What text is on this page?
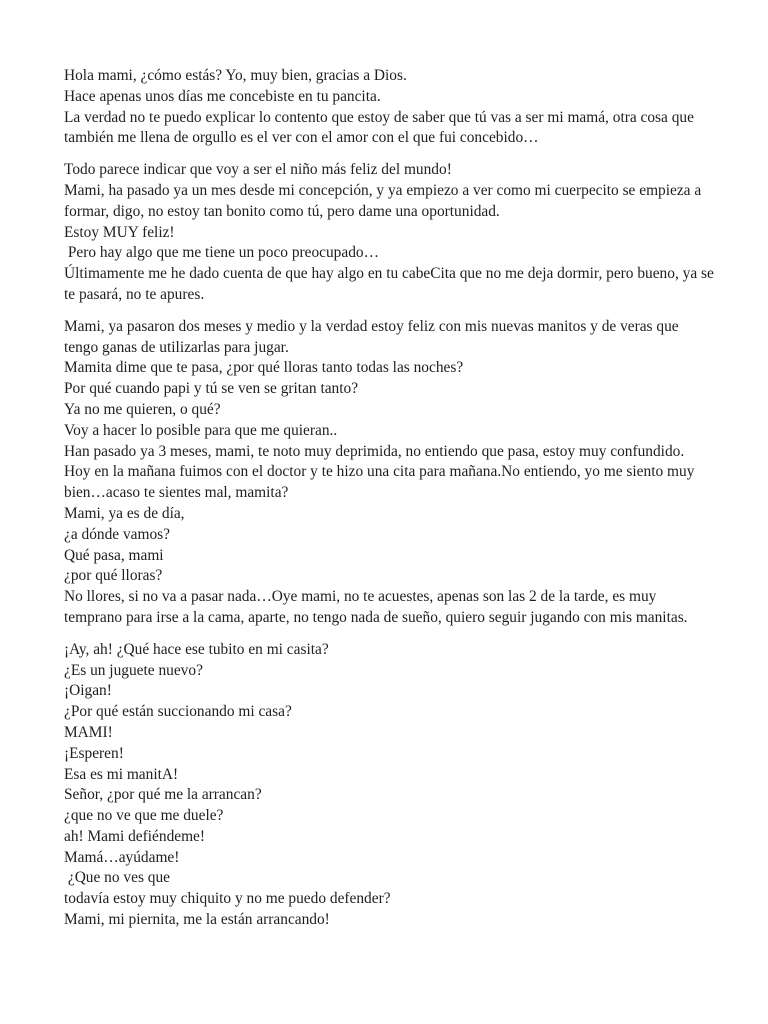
Hola mami, ¿cómo estás? Yo, muy bien, gracias a Dios.
Hace apenas unos días me concebiste en tu pancita.
La verdad no te puedo explicar lo contento que estoy de saber que tú vas a ser mi mamá, otra cosa que también me llena de orgullo es el ver con el amor con el que fui concebido…
Todo parece indicar que voy a ser el niño más feliz del mundo!
Mami, ha pasado ya un mes desde mi concepción, y ya empiezo a ver como mi cuerpecito se empieza a formar, digo, no estoy tan bonito como tú, pero dame una oportunidad.
Estoy MUY feliz!
Pero hay algo que me tiene un poco preocupado…
Últimamente me he dado cuenta de que hay algo en tu cabeCita que no me deja dormir, pero bueno, ya se te pasará, no te apures.
Mami, ya pasaron dos meses y medio y la verdad estoy feliz con mis nuevas manitos y de veras que tengo ganas de utilizarlas para jugar.
Mamita dime que te pasa, ¿por qué lloras tanto todas las noches?
Por qué cuando papi y tú se ven se gritan tanto?
Ya no me quieren, o qué?
Voy a hacer lo posible para que me quieran..
Han pasado ya 3 meses, mami, te noto muy deprimida, no entiendo que pasa, estoy muy confundido. Hoy en la mañana fuimos con el doctor y te hizo una cita para mañana.No entiendo, yo me siento muy bien…acaso te sientes mal, mamita?
Mami, ya es de día,
¿a dónde vamos?
Qué pasa, mami
¿por qué lloras?
No llores, si no va a pasar nada…Oye mami, no te acuestes, apenas son las 2 de la tarde, es muy temprano para irse a la cama, aparte, no tengo nada de sueño, quiero seguir jugando con mis manitas.
¡Ay, ah! ¿Qué hace ese tubito en mi casita?
¿Es un juguete nuevo?
¡Oigan!
¿Por qué están succionando mi casa?
MAMI!
¡Esperen!
Esa es mi manitA!
Señor, ¿por qué me la arrancan?
¿que no ve que me duele?
ah! Mami defiéndeme!
Mamá…ayúdame!
¿Que no ves que
todavía estoy muy chiquito y no me puedo defender?
Mami, mi piernita, me la están arrancando!
